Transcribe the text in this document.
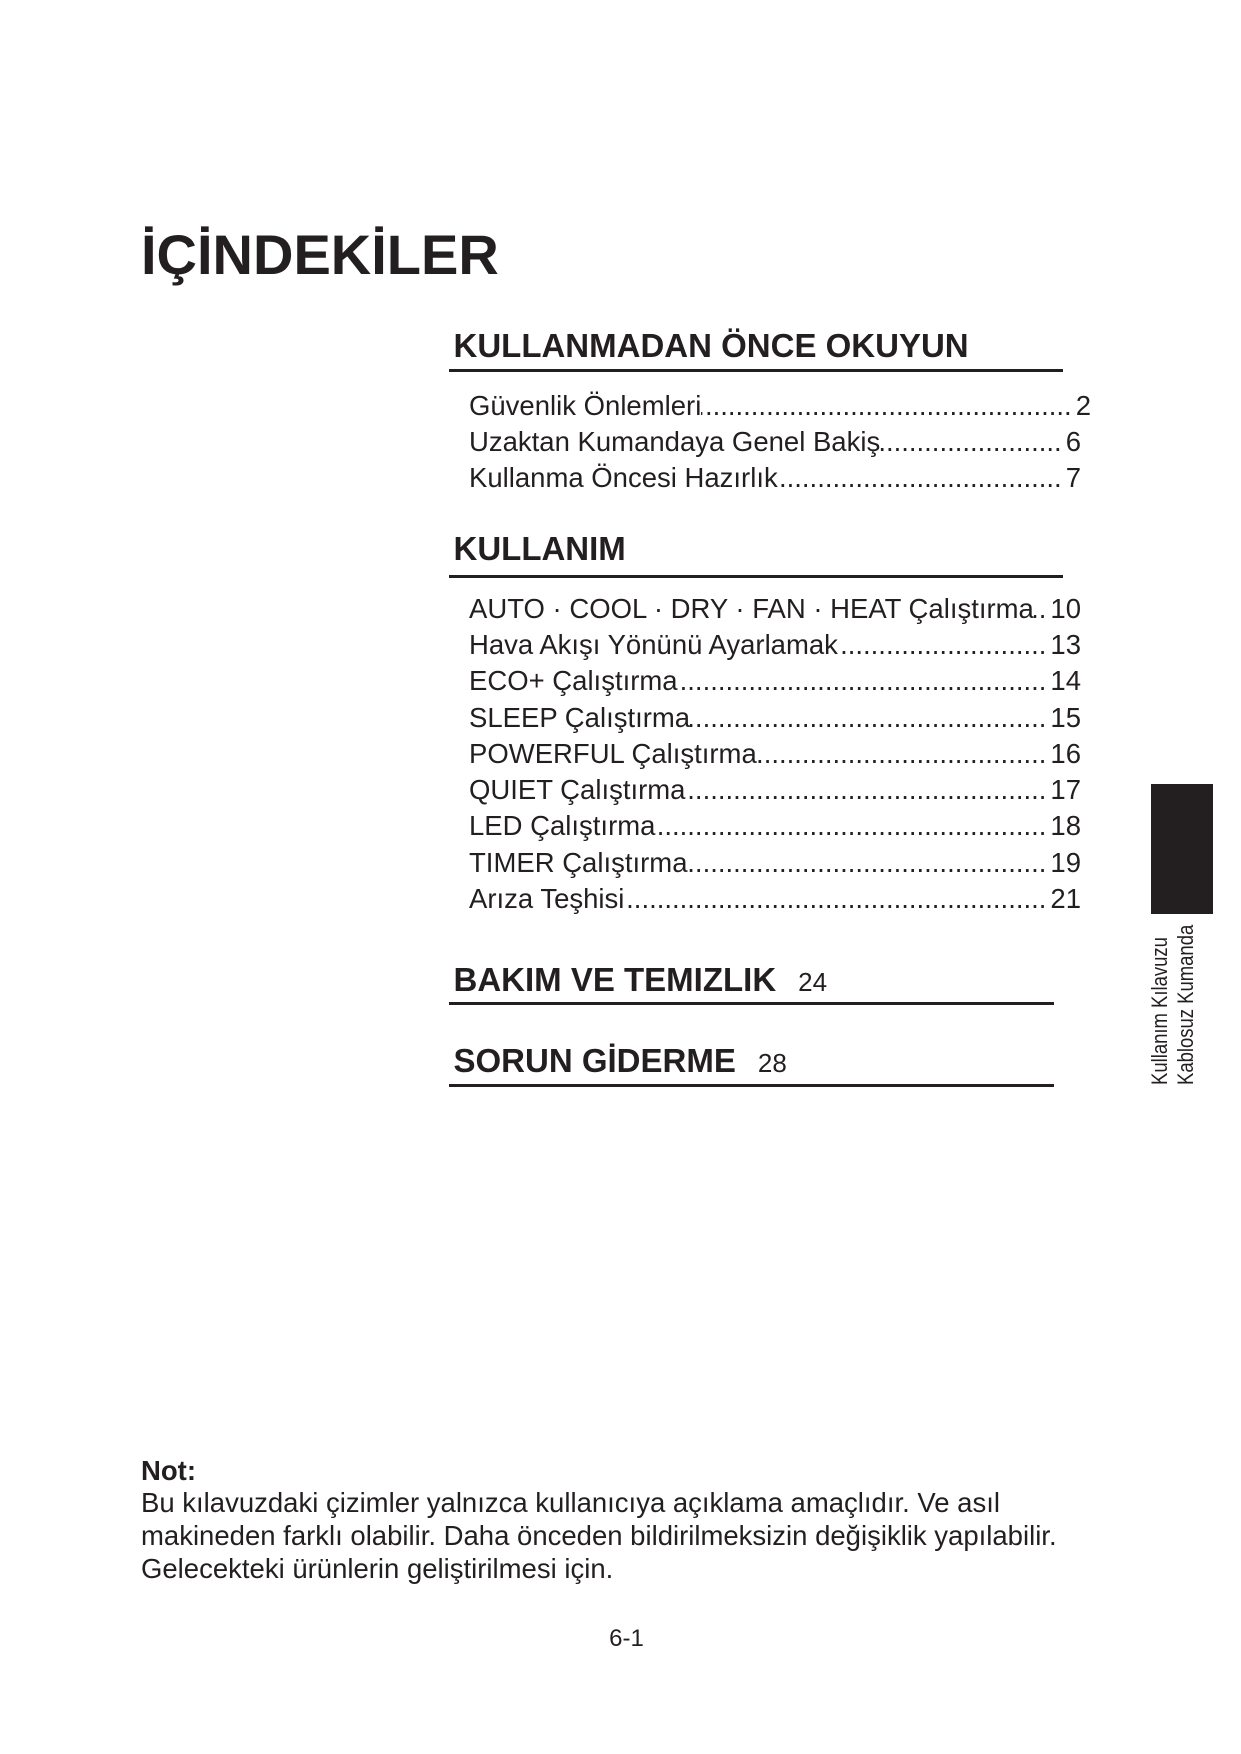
İÇİNDEKİLER
KULLANMADAN ÖNCE OKUYUN
Güvenlik Önlemleri .....	2
Uzaktan Kumandaya Genel Bakiş .....	6
Kullanma Öncesi Hazırlık .....	7
KULLANIM
AUTO · COOL · DRY · FAN · HEAT Çalıştırma ..... 10
Hava Akışı Yönünü Ayarlamak .....	13
ECO+ Çalıştırma .....	14
SLEEP Çalıştırma .....	15
POWERFUL Çalıştırma .....	16
QUIET Çalıştırma .....	17
LED Çalıştırma .....	18
TIMER Çalıştırma .....	19
Arıza Teşhisi .....	21
BAKIM VE TEMIZLIK 24
SORUN GİDERME 28	Kullanım Kılavuzu Kablosuz Kumanda
Not:
Bu kılavuzdaki çizimler yalnızca kullanıcıya açıklama amaçlıdır. Ve asıl
makineden farklı olabilir. Daha önceden bildirilmeksizin değişiklik yapılabilir.
Gelecekteki ürünlerin geliştirilmesi için.
6-1
